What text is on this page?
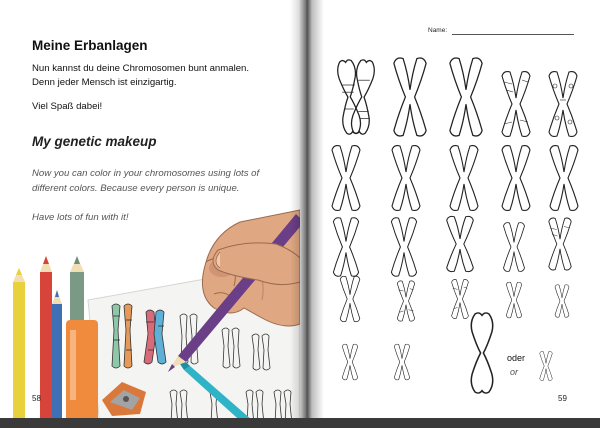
Meine Erbanlagen

Nun kannst du deine Chromosomen bunt anmalen.

Denn jeder Mensch ist einzigartig.

Viel Spaß dabei!

My genetic makeup

Now you can color in your chromosomes using lots of

different colors. Because every person is unique.

Have lots of fun with it!

58
Name:
oder
or
59
